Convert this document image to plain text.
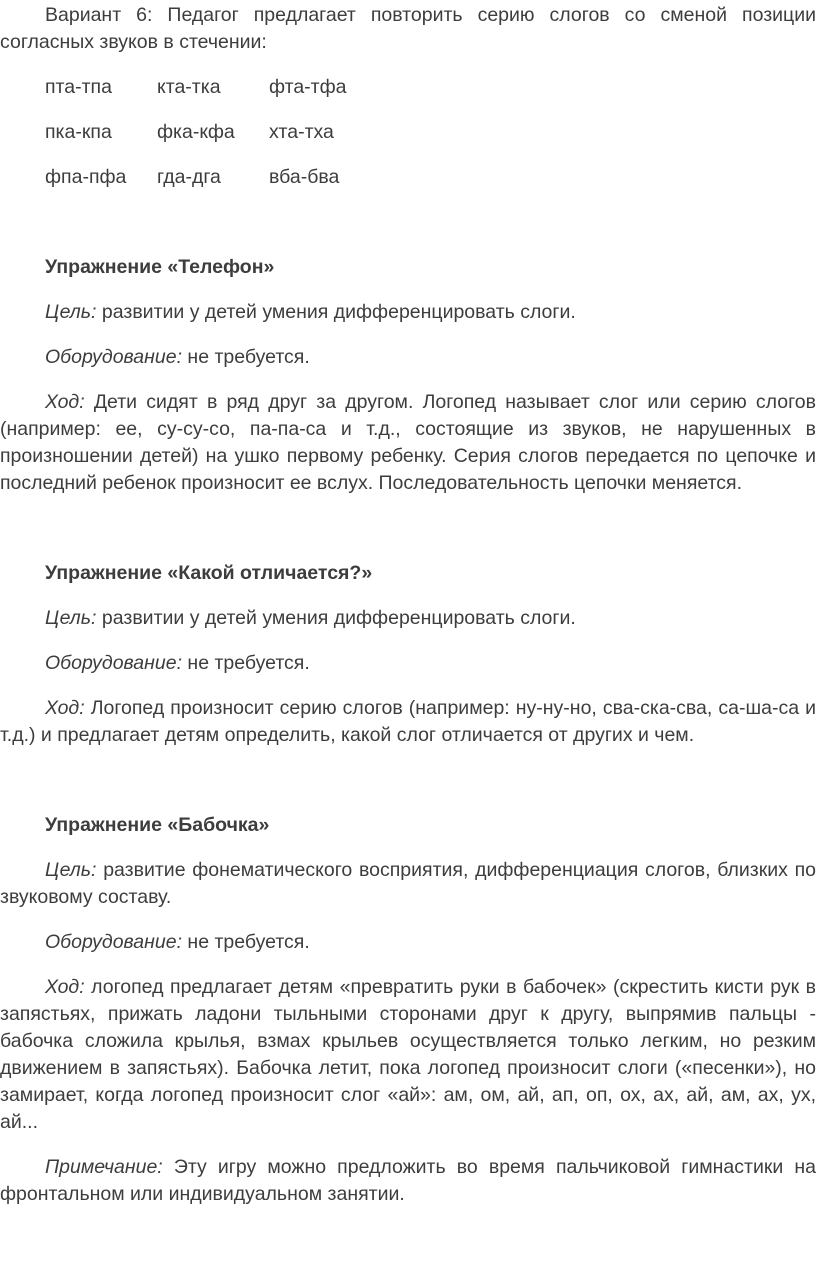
Вариант 6: Педагог предлагает повторить серию слогов со сменой позиции согласных звуков в стечении:

пта-тпа кта-тка фта-тфа

пка-кпа фка-кфа хта-тха

фпа-пфа гда-дга вба-бва

Упражнение «Телефон»

Цель: развитии у детей умения дифференцировать слоги.

Оборудование: не требуется.

Ход: Дети сидят в ряд друг за другом. Логопед называет слог или серию слогов (например: ее, су-су-со, па-па-са и т.д., состоящие из звуков, не нарушенных в произношении детей) на ушко первому ребенку. Серия слогов передается по цепочке и последний ребенок произносит ее вслух. Последовательность цепочки меняется.

Упражнение «Какой отличается?»

Цель: развитии у детей умения дифференцировать слоги.

Оборудование: не требуется.

Ход: Логопед произносит серию слогов (например: ну-ну-но, сва-ска-сва, са-ша-са и т.д.) и предлагает детям определить, какой слог отличается от других и чем.

Упражнение «Бабочка»

Цель: развитие фонематического восприятия, дифференциация слогов, близких по звуковому составу.

Оборудование: не требуется.

Ход: логопед предлагает детям «превратить руки в бабочек» (скрестить кисти рук в запястьях, прижать ладони тыльными сторонами друг к другу, выпрямив пальцы - бабочка сложила крылья, взмах крыльев осуществляется только легким, но резким движением в запястьях). Бабочка летит, пока логопед произносит слоги («песенки»), но замирает, когда логопед произносит слог «ай»: ам, ом, ай, ап, оп, ох, ах, ай, ам, ах, ух, ай...

Примечание: Эту игру можно предложить во время пальчиковой гимнастики на фронтальном или индивидуальном занятии.
